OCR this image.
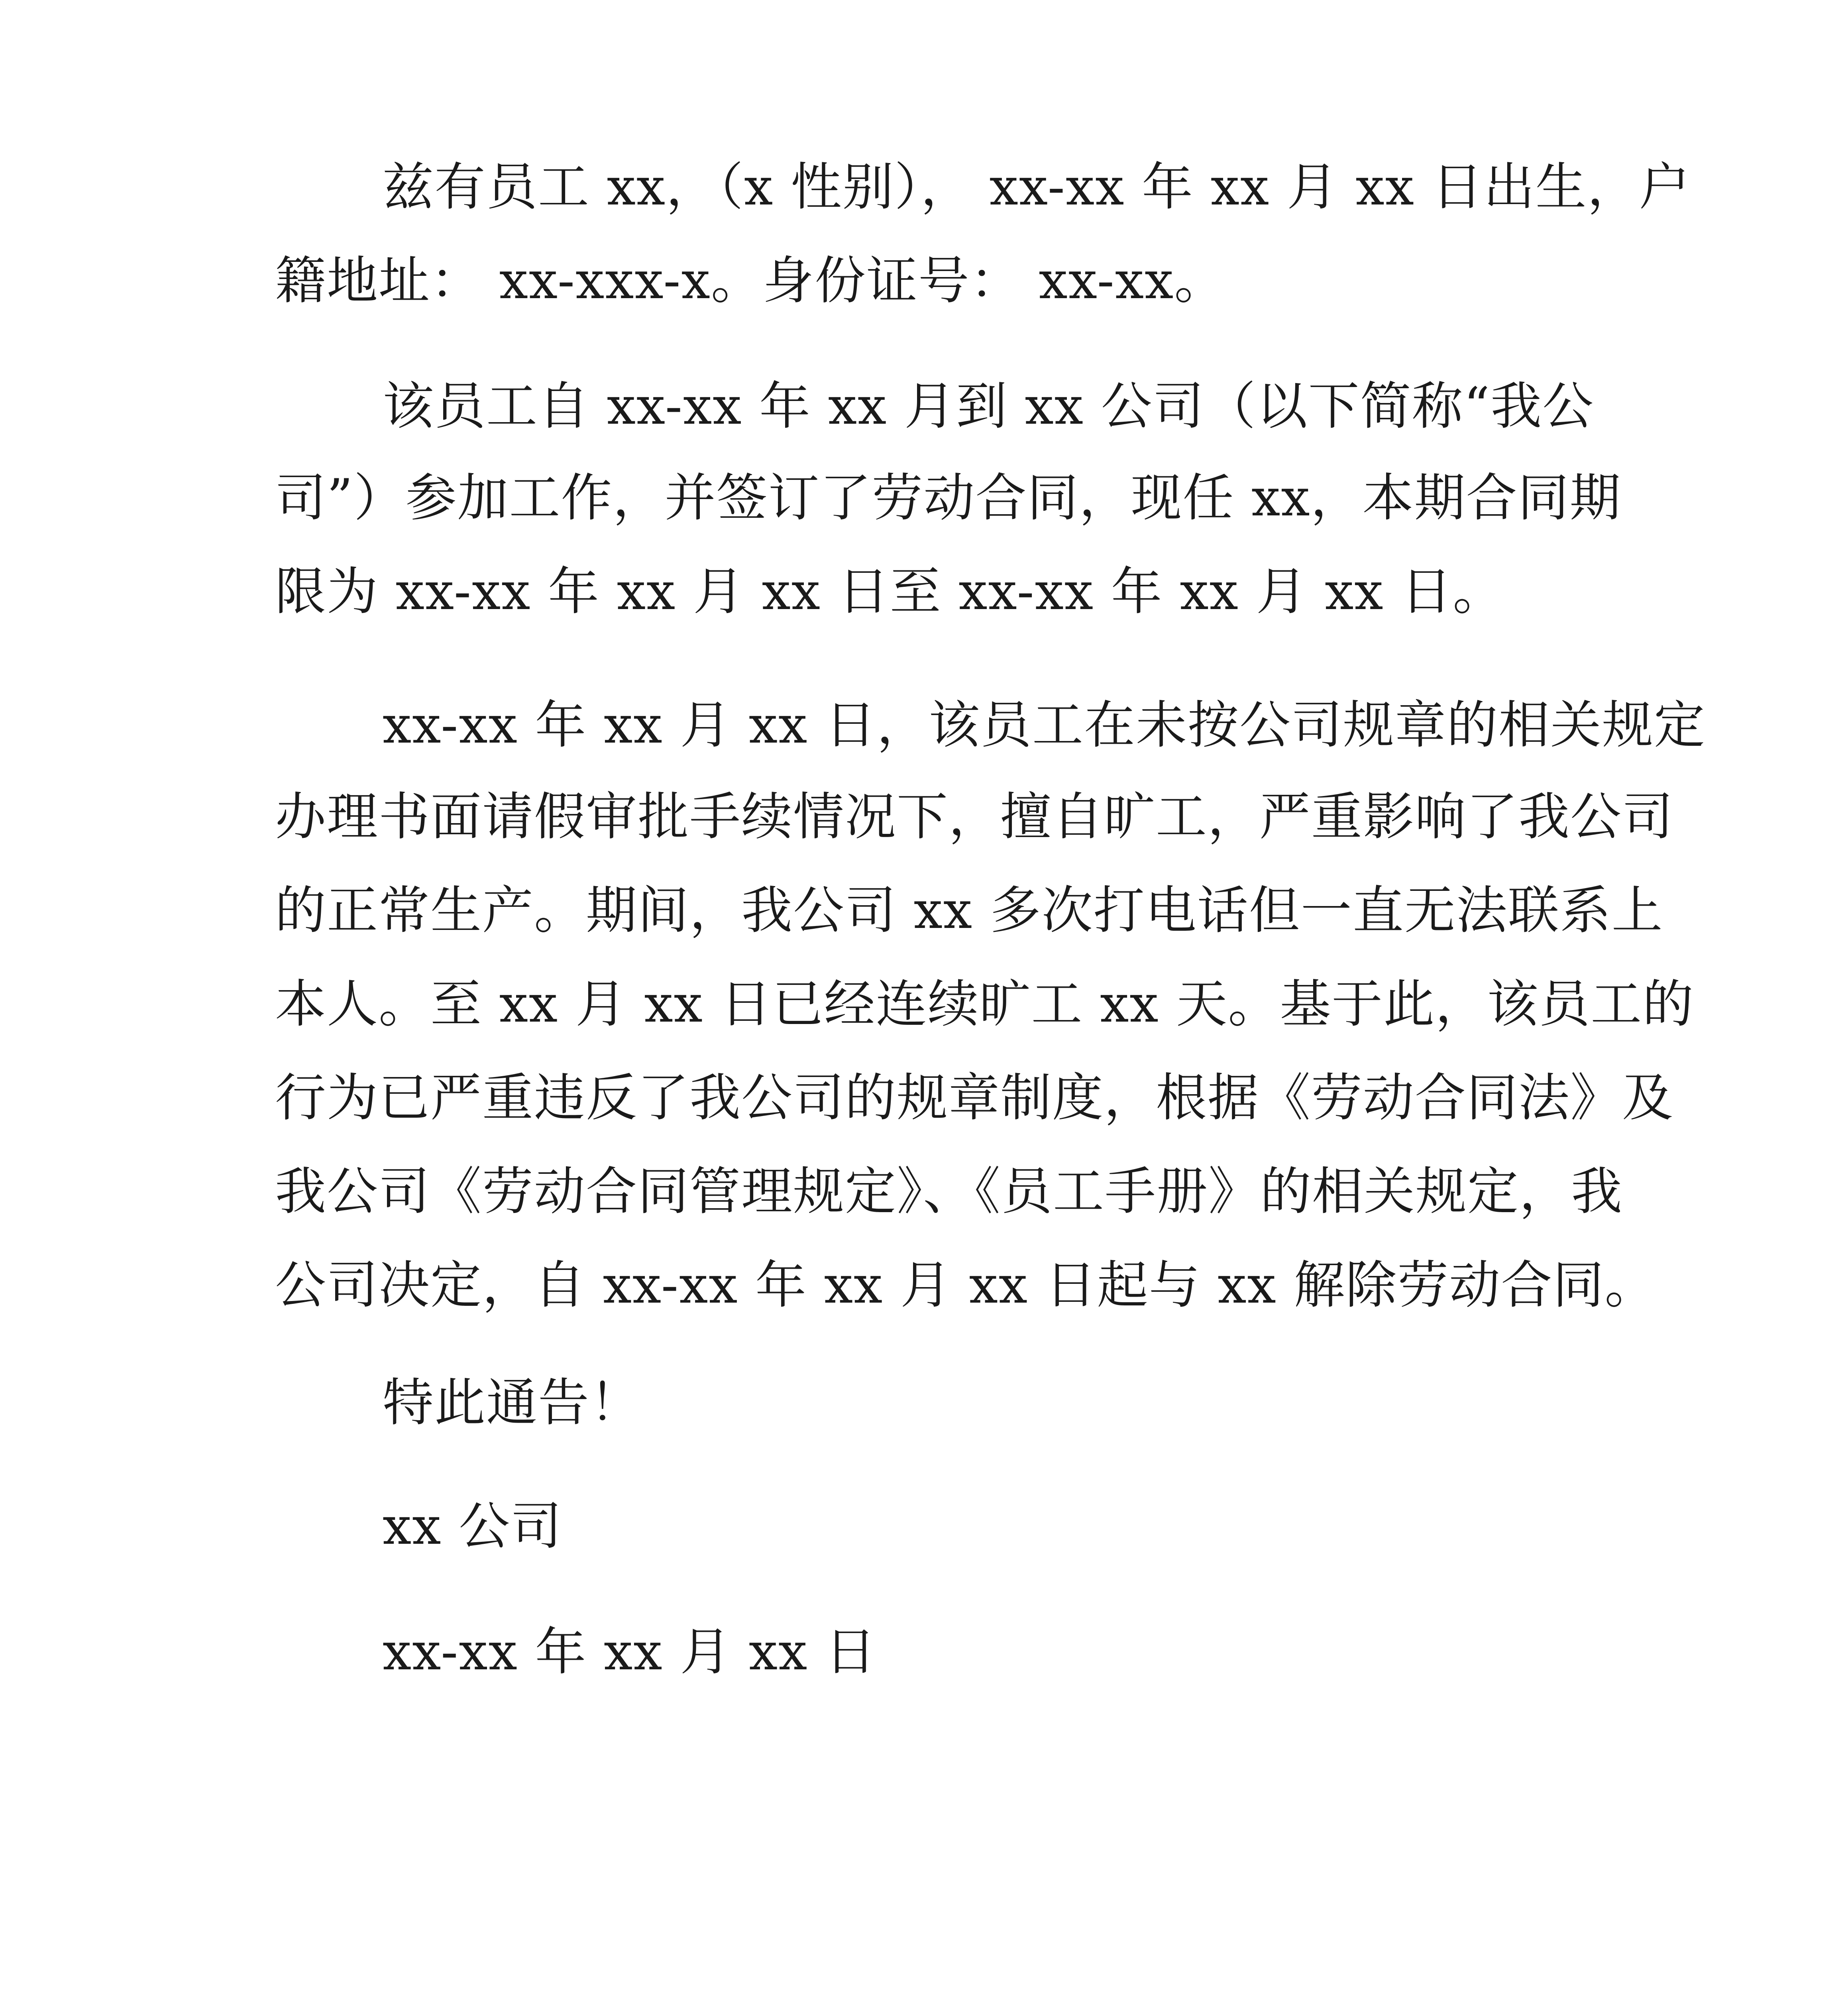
兹有员工 xx，（x 性别）， xx-xx 年 xx 月 xx 日出生，户
籍地址： xx-xxx-x。身份证号： xx-xx。
该员工自 xx-xx 年 xx 月到 xx 公司（以下简称“我公
司”）参加工作，并签订了劳动合同，现任 xx，本期合同期
限为 xx-xx 年 xx 月 xx 日至 xx-xx 年 xx 月 xx 日。
xx-xx 年 xx 月 xx 日，该员工在未按公司规章的相关规定
办理书面请假审批手续情况下，擅自旷工，严重影响了我公司
的正常生产。期间，我公司 xx 多次打电话但一直无法联系上
本人。至 xx 月 xx 日已经连续旷工 xx 天。基于此，该员工的
行为已严重违反了我公司的规章制度，根据《劳动合同法》及
我公司《劳动合同管理规定》、《员工手册》的相关规定，我
公司决定，自 xx-xx 年 xx 月 xx 日起与 xx 解除劳动合同。
特此通告！
xx 公司
xx-xx 年 xx 月 xx 日
